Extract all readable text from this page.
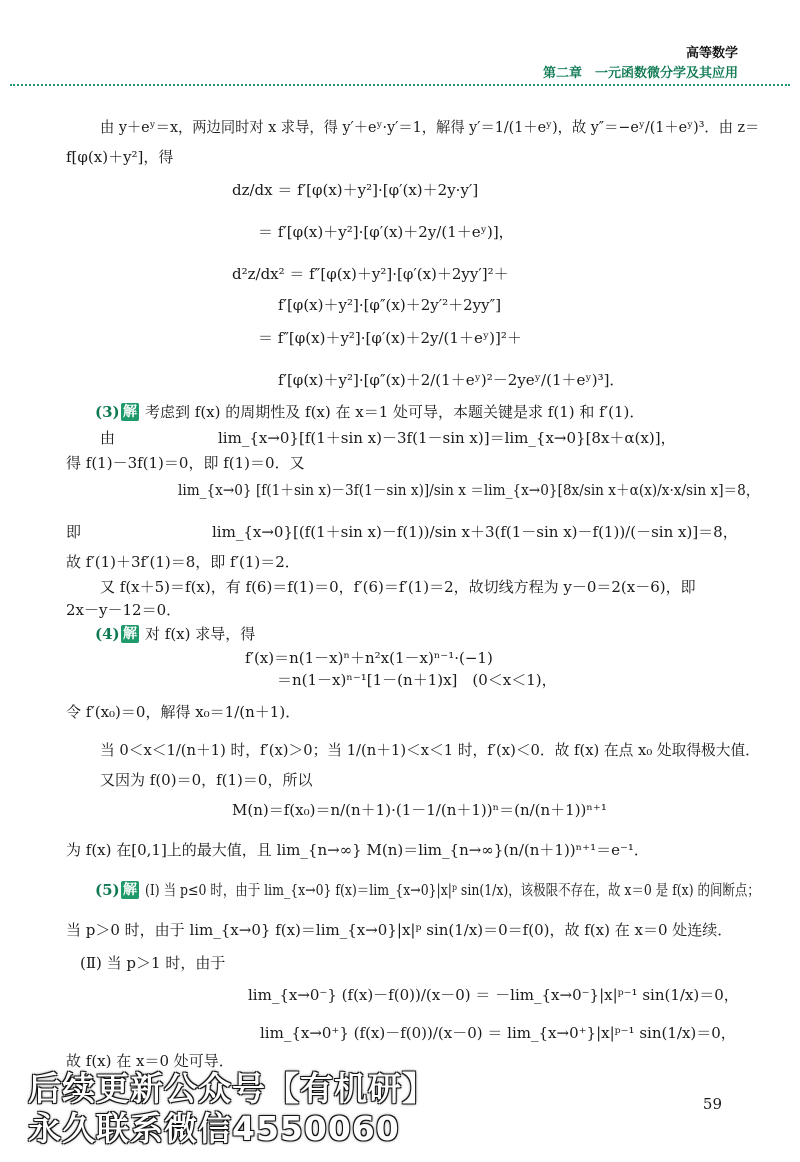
高等数学
第二章　一元函数微分学及其应用
由 y＋eʸ＝x，两边同时对 x 求导，得 y′＋eʸ·y′＝1，解得 y′＝1/(1＋eʸ)，故 y″＝−eʸ/(1＋eʸ)³．由 z＝
f[φ(x)＋y²]，得
dz/dx ＝ f′[φ(x)＋y²]·[φ′(x)＋2y·y′]
＝ f′[φ(x)＋y²]·[φ′(x)＋2y/(1＋eʸ)]，
d²z/dx² ＝ f″[φ(x)＋y²]·[φ′(x)＋2yy′]²＋
f′[φ(x)＋y²]·[φ″(x)＋2y′²＋2yy″]
＝ f″[φ(x)＋y²]·[φ′(x)＋2y/(1＋eʸ)]²＋
f′[φ(x)＋y²]·[φ″(x)＋2/(1＋eʸ)²－2yeʸ/(1＋eʸ)³]．
(3) 解 考虑到 f(x) 的周期性及 f(x) 在 x＝1 处可导，本题关键是求 f(1) 和 f′(1)．
由	lim_{x→0}[f(1＋sin x)－3f(1－sin x)]＝lim_{x→0}[8x＋α(x)]，
得 f(1)－3f(1)＝0，即 f(1)＝0．又
lim_{x→0} [f(1＋sin x)－3f(1－sin x)]/sin x ＝lim_{x→0}[8x/sin x＋α(x)/x·x/sin x]＝8，
即	lim_{x→0}[(f(1＋sin x)－f(1))/sin x＋3(f(1－sin x)－f(1))/(－sin x)]＝8，
故 f′(1)＋3f′(1)＝8，即 f′(1)＝2．
又 f(x＋5)＝f(x)，有 f(6)＝f(1)＝0，f′(6)＝f′(1)＝2，故切线方程为 y－0＝2(x－6)，即
2x－y－12＝0．
(4) 解 对 f(x) 求导，得
f′(x)＝n(1－x)ⁿ＋n²x(1－x)ⁿ⁻¹·(−1)
＝n(1－x)ⁿ⁻¹[1－(n＋1)x]　(0＜x＜1)，
令 f′(x₀)＝0，解得 x₀＝1/(n＋1)．
当 0＜x＜1/(n＋1) 时，f′(x)＞0；当 1/(n＋1)＜x＜1 时，f′(x)＜0．故 f(x) 在点 x₀ 处取得极大值．
又因为 f(0)＝0，f(1)＝0，所以
M(n)＝f(x₀)＝n/(n＋1)·(1－1/(n＋1))ⁿ＝(n/(n＋1))ⁿ⁺¹
为 f(x) 在[0,1]上的最大值，且 lim_{n→∞} M(n)＝lim_{n→∞}(n/(n＋1))ⁿ⁺¹＝e⁻¹．
(5) 解 (Ⅰ) 当 p≤0 时，由于 lim_{x→0} f(x)＝lim_{x→0}|x|ᵖ sin(1/x)，该极限不存在，故 x＝0 是 f(x) 的间断点；
当 p＞0 时，由于 lim_{x→0} f(x)＝lim_{x→0}|x|ᵖ sin(1/x)＝0＝f(0)，故 f(x) 在 x＝0 处连续．
(Ⅱ) 当 p＞1 时，由于
lim_{x→0⁻} (f(x)－f(0))/(x－0) ＝ －lim_{x→0⁻}|x|ᵖ⁻¹ sin(1/x)＝0，
lim_{x→0⁺} (f(x)－f(0))/(x－0) ＝ lim_{x→0⁺}|x|ᵖ⁻¹ sin(1/x)＝0，
故 f(x) 在 x＝0 处可导．
后续更新公众号【有机研】
永久联系微信4550060
59
